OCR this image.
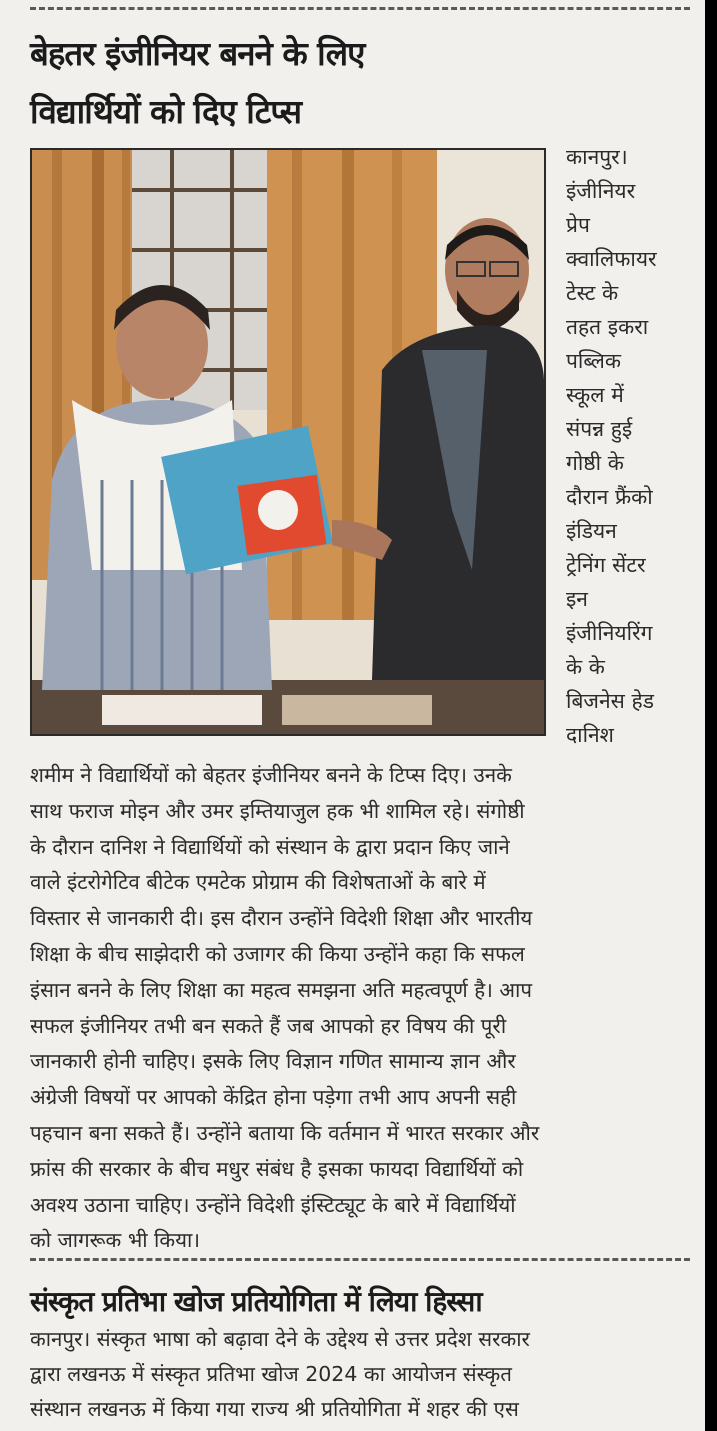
बेहतर इंजीनियर बनने के लिए
विद्यार्थियों को दिए टिप्स
कानपुर।
इंजीनियर
प्रेप
क्वालिफायर
टेस्ट के
तहत इकरा
पब्लिक
स्कूल में
संपन्न हुई
गोष्ठी के
दौरान फ्रैंको
इंडियन
ट्रेनिंग सेंटर
इन
इंजीनियरिंग
के के
बिजनेस हेड
दानिश
शमीम ने विद्यार्थियों को बेहतर इंजीनियर बनने के टिप्स दिए। उनके
साथ फराज मोइन और उमर इम्तियाजुल हक भी शामिल रहे। संगोष्ठी
के दौरान दानिश ने विद्यार्थियों को संस्थान के द्वारा प्रदान किए जाने
वाले इंटरोगेटिव बीटेक एमटेक प्रोग्राम की विशेषताओं के बारे में
विस्तार से जानकारी दी। इस दौरान उन्होंने विदेशी शिक्षा और भारतीय
शिक्षा के बीच साझेदारी को उजागर की किया उन्होंने कहा कि सफल
इंसान बनने के लिए शिक्षा का महत्व समझना अति महत्वपूर्ण है। आप
सफल इंजीनियर तभी बन सकते हैं जब आपको हर विषय की पूरी
जानकारी होनी चाहिए। इसके लिए विज्ञान गणित सामान्य ज्ञान और
अंग्रेजी विषयों पर आपको केंद्रित होना पड़ेगा तभी आप अपनी सही
पहचान बना सकते हैं। उन्होंने बताया कि वर्तमान में भारत सरकार और
फ्रांस की सरकार के बीच मधुर संबंध है इसका फायदा विद्यार्थियों को
अवश्य उठाना चाहिए। उन्होंने विदेशी इंस्टिट्यूट के बारे में विद्यार्थियों
को जागरूक भी किया।
संस्कृत प्रतिभा खोज प्रतियोगिता में लिया हिस्सा
कानपुर। संस्कृत भाषा को बढ़ावा देने के उद्देश्य से उत्तर प्रदेश सरकार
द्वारा लखनऊ में संस्कृत प्रतिभा खोज 2024 का आयोजन संस्कृत
संस्थान लखनऊ में किया गया राज्य श्री प्रतियोगिता में शहर की एस
